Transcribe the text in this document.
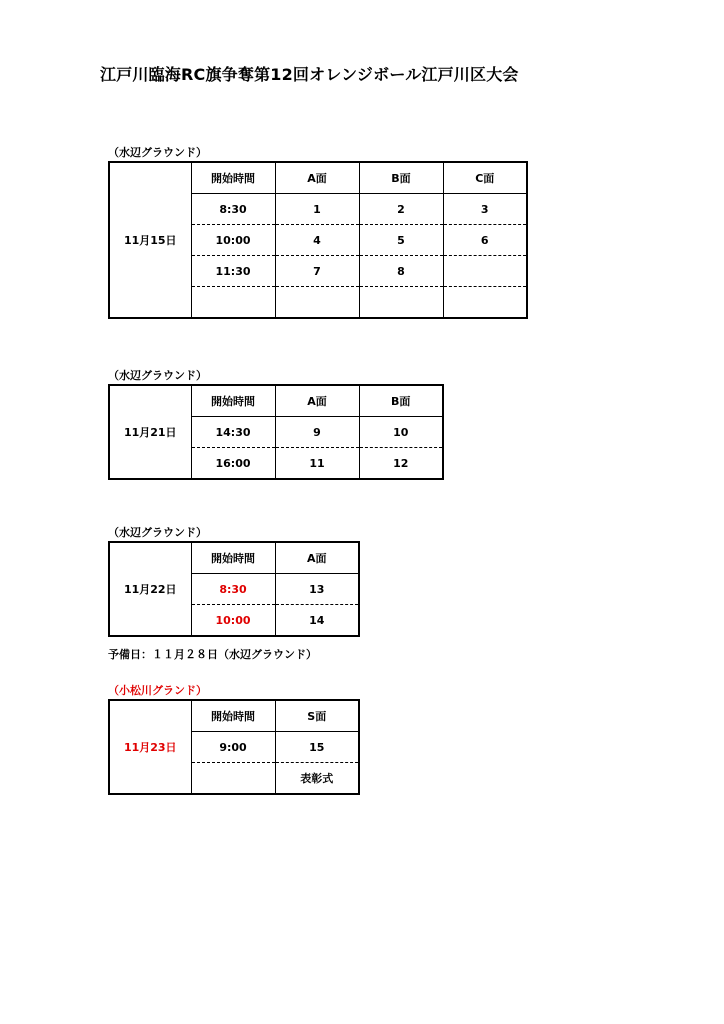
江戸川臨海RC旗争奪第12回オレンジボール江戸川区大会
（水辺グラウンド）
11月15日	開始時間	A面	B面	C面
	8:30	1	2	3
	10:00	4	5	6
	11:30	7	8	

（水辺グラウンド）
11月21日	開始時間	A面	B面
	14:30	9	10
	16:00	11	12
（水辺グラウンド）
11月22日	開始時間	A面
	8:30	13
	10:00	14
予備日：１１月２８日（水辺グラウンド）
（小松川グランド）
11月23日	開始時間	S面
	9:00	15
		表彰式
